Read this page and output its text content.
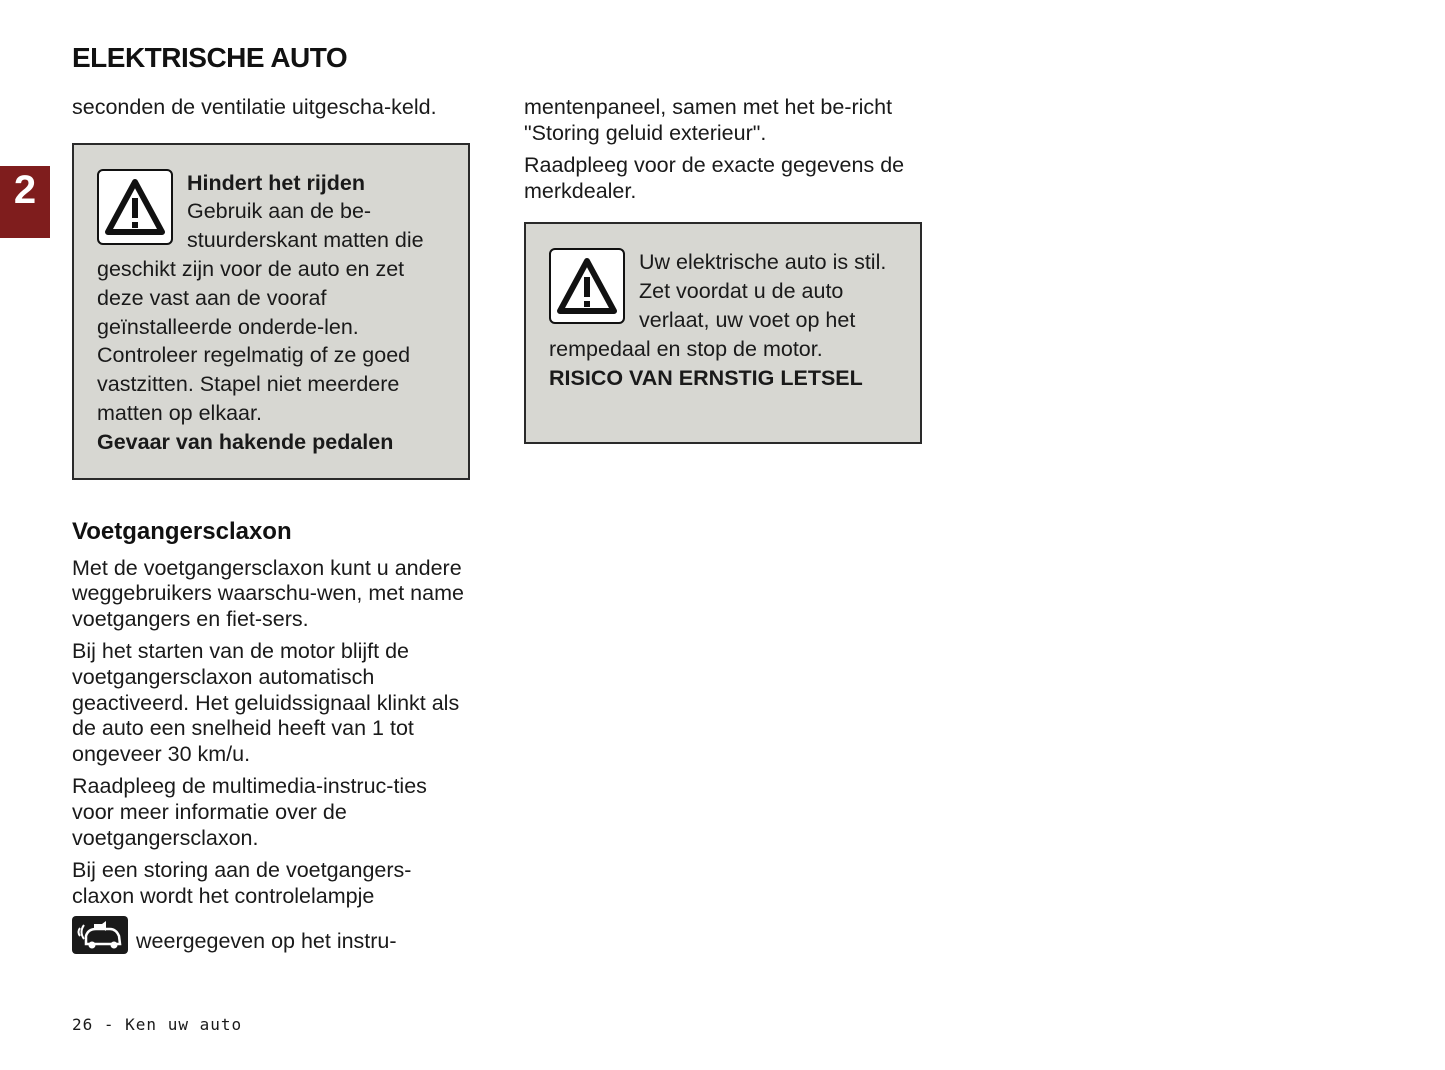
ELEKTRISCHE AUTO
2

seconden de ventilatie uitgescha-keld.

Hindert het rijden
Gebruik aan de be-stuurderskant matten die geschikt zijn voor de auto en zet deze vast aan de vooraf geïnstalleerde onderde-len. Controleer regelmatig of ze goed vastzitten. Stapel niet meerdere matten op elkaar.
Gevaar van hakende pedalen
Voetgangersclaxon

Met de voetgangersclaxon kunt u andere weggebruikers waarschu-wen, met name voetgangers en fiet-sers.

Bij het starten van de motor blijft de voetgangersclaxon automatisch geactiveerd. Het geluidssignaal klinkt als de auto een snelheid heeft van 1 tot ongeveer 30 km/u.

Raadpleeg de multimedia-instruc-ties voor meer informatie over de voetgangersclaxon.

Bij een storing aan de voetgangers-claxon wordt het controlelampje

weergegeven op het instru-

mentenpaneel, samen met het be-richt "Storing geluid exterieur".

Raadpleeg voor de exacte gegevens de merkdealer.

Uw elektrische auto is stil. Zet voordat u de auto verlaat, uw voet op het rempedaal en stop de motor.
RISICO VAN ERNSTIG LETSEL
26 - Ken uw auto
